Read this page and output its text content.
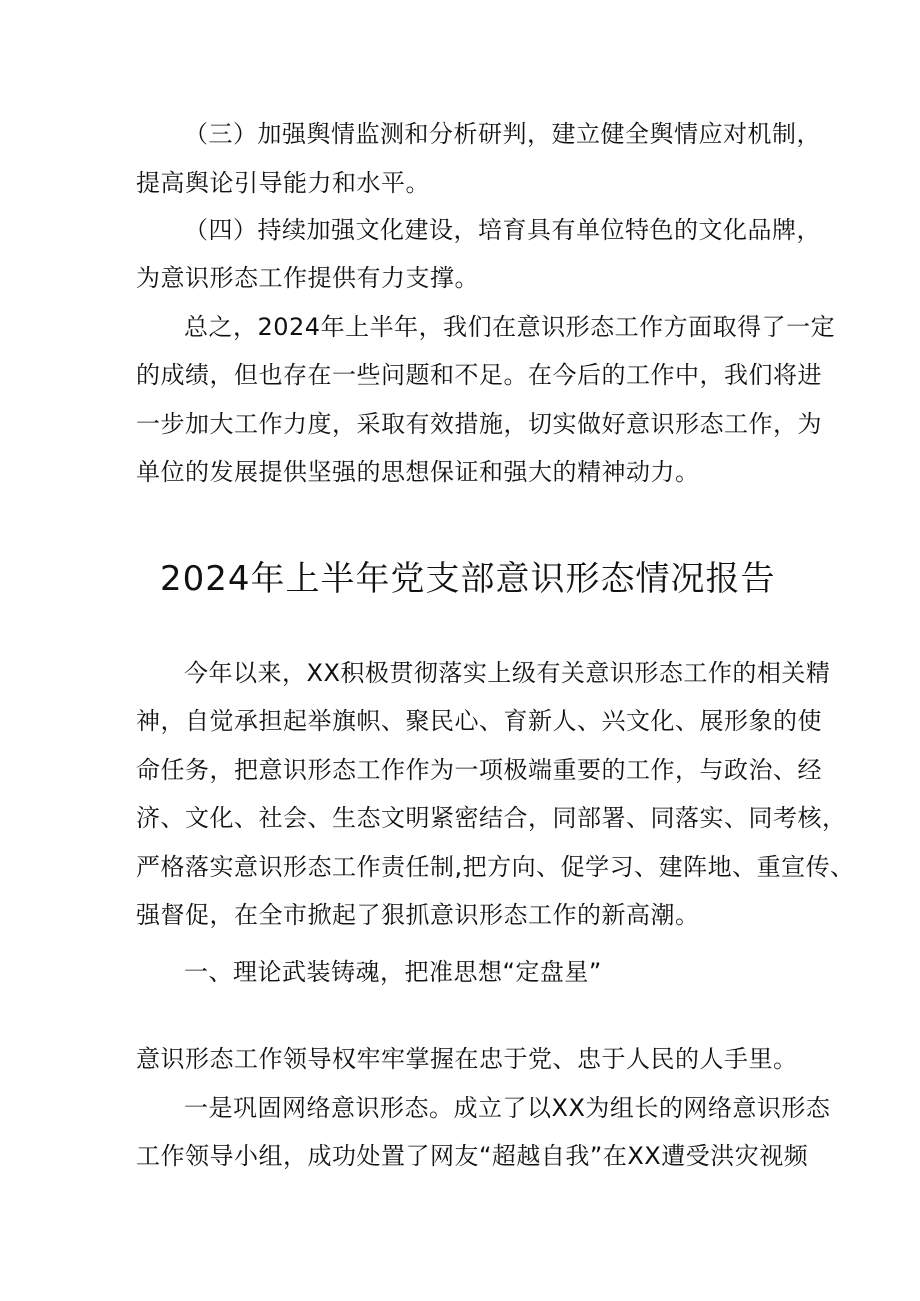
（三）加强舆情监测和分析研判，建立健全舆情应对机制，
提高舆论引导能力和水平。
（四）持续加强文化建设，培育具有单位特色的文化品牌，
为意识形态工作提供有力支撑。
总之，2024年上半年，我们在意识形态工作方面取得了一定
的成绩，但也存在一些问题和不足。在今后的工作中，我们将进
一步加大工作力度，采取有效措施，切实做好意识形态工作，为
单位的发展提供坚强的思想保证和强大的精神动力。
2024年上半年党支部意识形态情况报告
今年以来，XX积极贯彻落实上级有关意识形态工作的相关精
神，自觉承担起举旗帜、聚民心、育新人、兴文化、展形象的使
命任务，把意识形态工作作为一项极端重要的工作，与政治、经
济、文化、社会、生态文明紧密结合，同部署、同落实、同考核，
严格落实意识形态工作责任制,把方向、促学习、建阵地、重宣传、
强督促，在全市掀起了狠抓意识形态工作的新高潮。
一、理论武装铸魂，把准思想“定盘星”
意识形态工作领导权牢牢掌握在忠于党、忠于人民的人手里。
一是巩固网络意识形态。成立了以XX为组长的网络意识形态
工作领导小组，成功处置了网友“超越自我”在XX遭受洪灾视频
